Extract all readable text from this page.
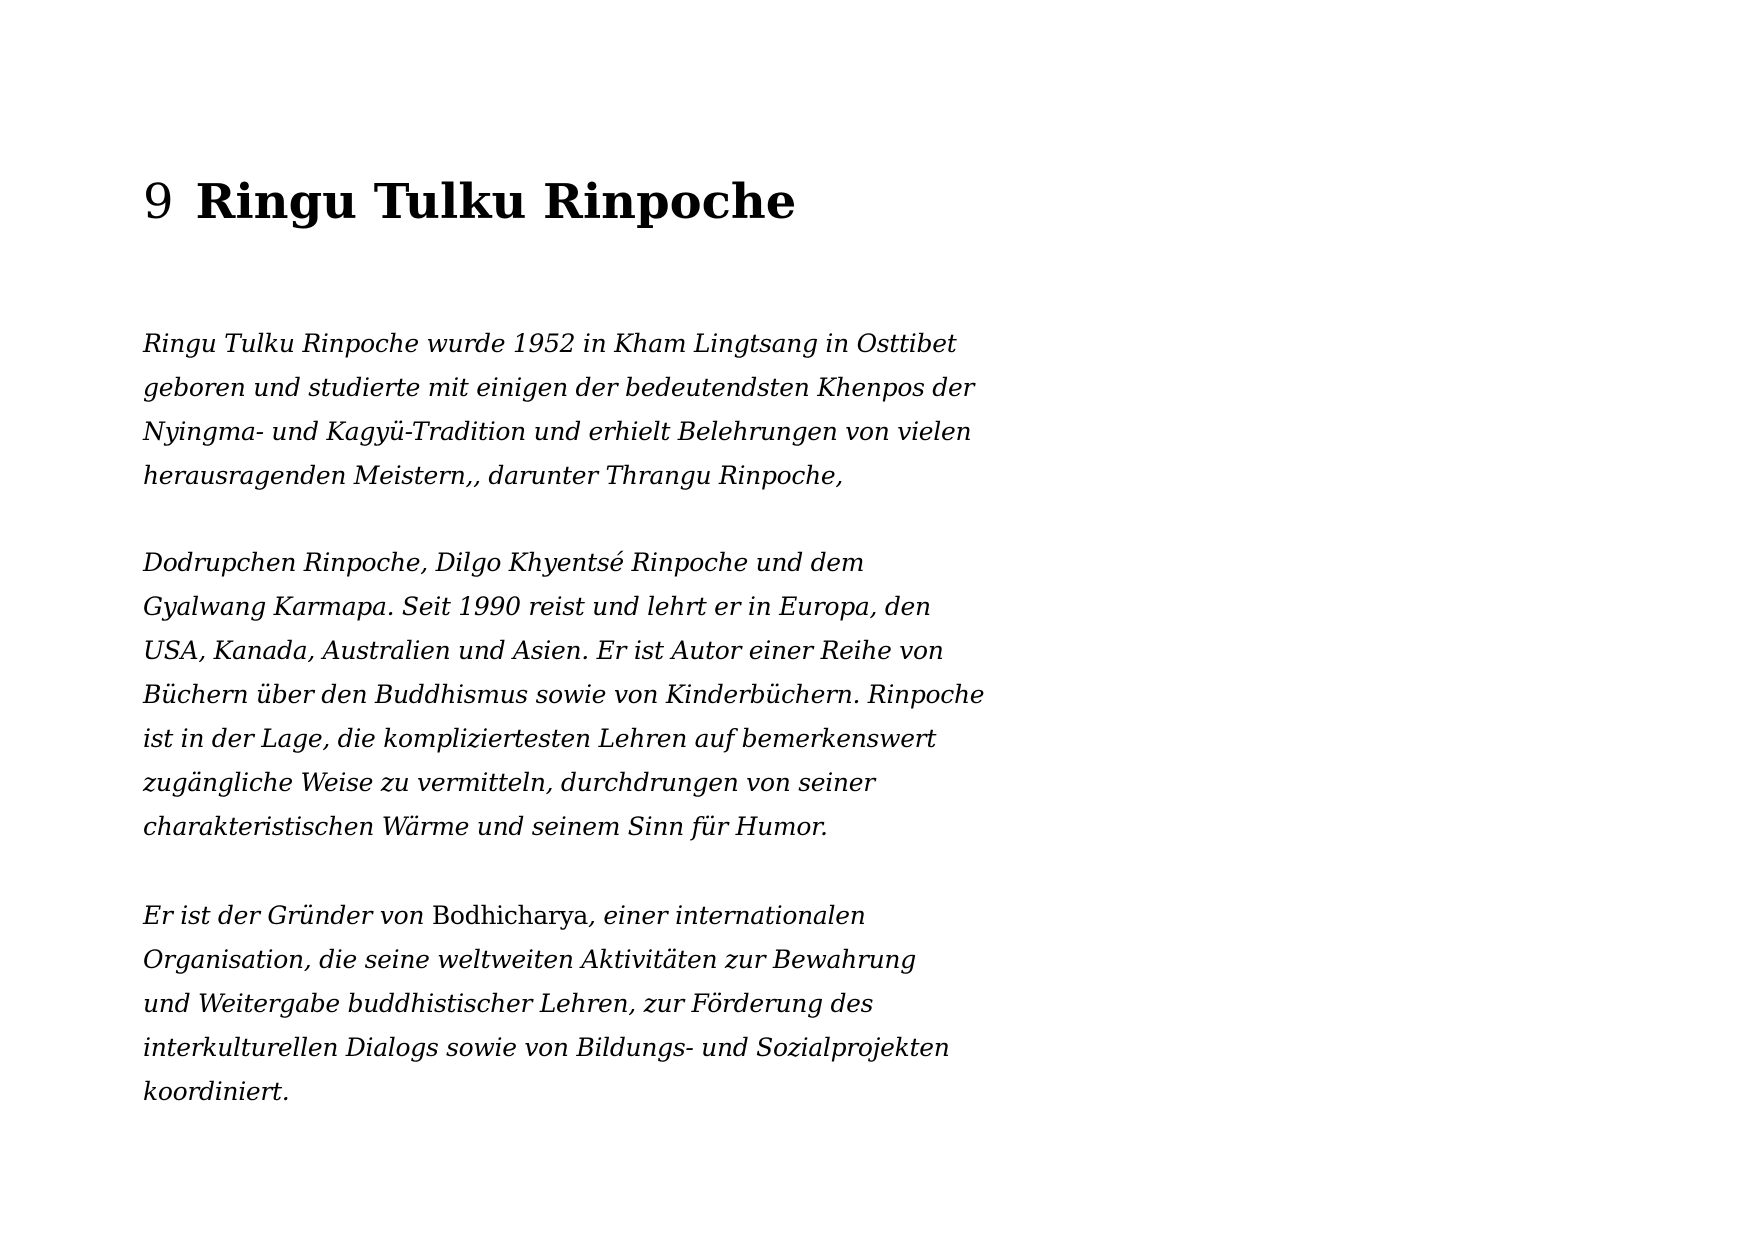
9 Ringu Tulku Rinpoche
Ringu Tulku Rinpoche wurde 1952 in Kham Lingtsang in Osttibet
geboren und studierte mit einigen der bedeutendsten Khenpos der
Nyingma- und Kagyü-Tradition und erhielt Belehrungen von vielen
herausragenden Meistern,, darunter Thrangu Rinpoche,
Dodrupchen Rinpoche, Dilgo Khyentsé Rinpoche und dem
Gyalwang Karmapa. Seit 1990 reist und lehrt er in Europa, den
USA, Kanada, Australien und Asien. Er ist Autor einer Reihe von
Büchern über den Buddhismus sowie von Kinderbüchern. Rinpoche
ist in der Lage, die kompliziertesten Lehren auf bemerkenswert
zugängliche Weise zu vermitteln, durchdrungen von seiner
charakteristischen Wärme und seinem Sinn für Humor.
Er ist der Gründer von Bodhicharya, einer internationalen
Organisation, die seine weltweiten Aktivitäten zur Bewahrung
und Weitergabe buddhistischer Lehren, zur Förderung des
interkulturellen Dialogs sowie von Bildungs- und Sozialprojekten
koordiniert.
